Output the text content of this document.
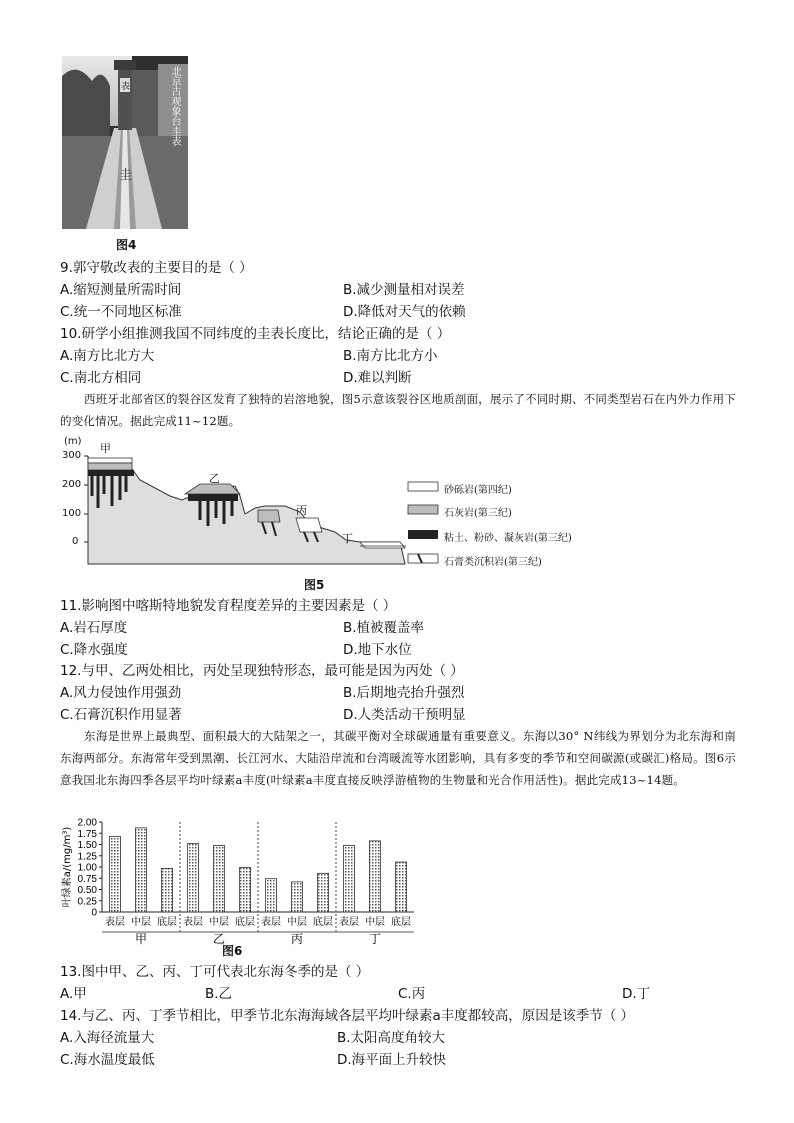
表
圭
北京古观象台圭表
图4
9.郭守敬改表的主要目的是（ ）
A.缩短测量所需时间	B.减少测量相对误差
C.统一不同地区标准	D.降低对天气的依赖
10.研学小组推测我国不同纬度的圭表长度比，结论正确的是（ ）
A.南方比北方大	B.南方比北方小
C.南北方相同	D.难以判断
西班牙北部省区的裂谷区发育了独特的岩溶地貌，图5示意该裂谷区地质剖面，展示了不同时期、不同类型岩石在内外力作用下的变化情况。据此完成11~12题。
(m)
300
200
100
0
甲
乙
丙
丁
砂砾岩(第四纪)
石灰岩(第三纪)
粘土、粉砂、凝灰岩(第三纪)
石膏类沉积岩(第三纪)
图5
11.影响图中喀斯特地貌发育程度差异的主要因素是（ ）
A.岩石厚度	B.植被覆盖率
C.降水强度	D.地下水位
12.与甲、乙两处相比，丙处呈现独特形态，最可能是因为丙处（ ）
A.风力侵蚀作用强劲	B.后期地壳抬升强烈
C.石膏沉积作用显著	D.人类活动干预明显
东海是世界上最典型、面积最大的大陆架之一，其碳平衡对全球碳通量有重要意义。东海以30° N纬线为界划分为北东海和南东海两部分。东海常年受到黑潮、长江河水、大陆沿岸流和台湾暖流等水团影响，具有多变的季节和空间碳源(或碳汇)格局。图6示意我国北东海四季各层平均叶绿素a丰度(叶绿素a丰度直接反映浮游植物的生物量和光合作用活性)。据此完成13~14题。
2.00
1.75
1.50
1.25
1.00
0.75
0.50
0.25
0
叶绿素a/(mg/m³)
表层 中层 底层
甲
表层 中层 底层
乙
表层 中层 底层
丙
表层 中层 底层
丁
图6
13.图中甲、乙、丙、丁可代表北东海冬季的是（ ）
A.甲	B.乙	C.丙	D.丁
14.与乙、丙、丁季节相比，甲季节北东海海域各层平均叶绿素a丰度都较高，原因是该季节（ ）
A.入海径流量大	B.太阳高度角较大
C.海水温度最低	D.海平面上升较快
